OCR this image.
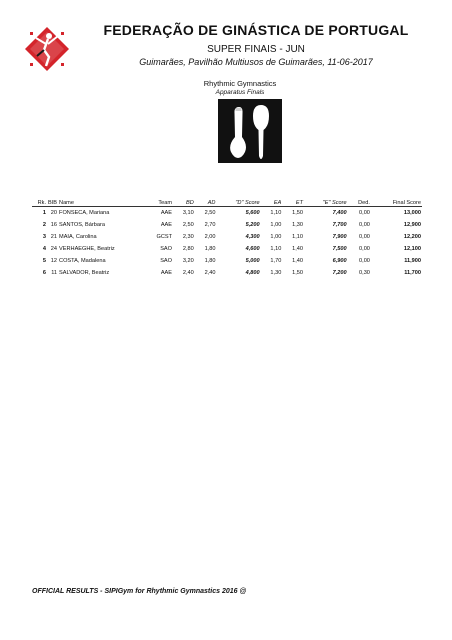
FEDERAÇÃO DE GINÁSTICA DE PORTUGAL
SUPER FINAIS - JUN
Guimarães, Pavilhão Multiusos de Guimarães, 11-06-2017
Rhythmic Gymnastics
Apparatus Finals
Rk.	BIB	Name	Team	BD	AD	"D" Score	EA	ET	"E" Score	Ded.	Final Score
1	20	FONSECA, Mariana	AAE	3,10	2,50	5,600	1,10	1,50	7,400	0,00	13,000
2	16	SANTOS, Bárbara	AAE	2,50	2,70	5,200	1,00	1,30	7,700	0,00	12,900
3	21	MAIA, Carolina	GCST	2,30	2,00	4,300	1,00	1,10	7,900	0,00	12,200
4	24	VERHAEGHE, Beatriz	SAO	2,80	1,80	4,600	1,10	1,40	7,500	0,00	12,100
5	12	COSTA, Madalena	SAO	3,20	1,80	5,000	1,70	1,40	6,900	0,00	11,900
6	11	SALVADOR, Beatriz	AAE	2,40	2,40	4,800	1,30	1,50	7,200	0,30	11,700
OFFICIAL RESULTS - SIPIGym for Rhythmic Gymnastics 2016 @
